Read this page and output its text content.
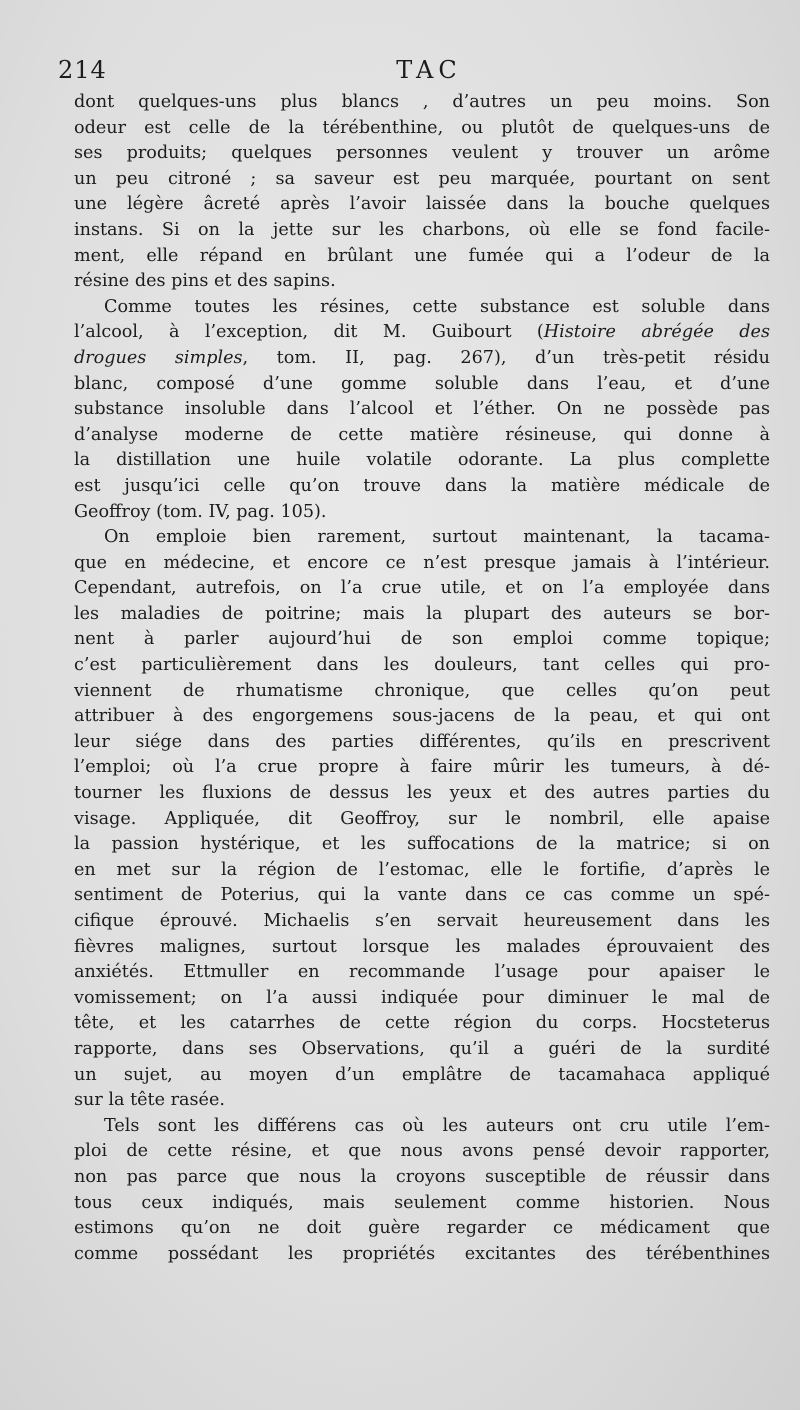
214	TAC
dont quelques-uns plus blancs , d’autres un peu moins. Son
odeur est celle de la térébenthine, ou plutôt de quelques-uns de
ses produits; quelques personnes veulent y trouver un arôme
un peu citroné ; sa saveur est peu marquée, pourtant on sent
une légère âcreté après l’avoir laissée dans la bouche quelques
instans. Si on la jette sur les charbons, où elle se fond facile-
ment, elle répand en brûlant une fumée qui a l’odeur de la
résine des pins et des sapins.
Comme toutes les résines, cette substance est soluble dans
l’alcool, à l’exception, dit M. Guibourt (Histoire abrégée des
drogues simples, tom. II, pag. 267), d’un très-petit résidu
blanc, composé d’une gomme soluble dans l’eau, et d’une
substance insoluble dans l’alcool et l’éther. On ne possède pas
d’analyse moderne de cette matière résineuse, qui donne à
la distillation une huile volatile odorante. La plus complette
est jusqu’ici celle qu’on trouve dans la matière médicale de
Geoffroy (tom. IV, pag. 105).
On emploie bien rarement, surtout maintenant, la tacama-
que en médecine, et encore ce n’est presque jamais à l’intérieur.
Cependant, autrefois, on l’a crue utile, et on l’a employée dans
les maladies de poitrine; mais la plupart des auteurs se bor-
nent à parler aujourd’hui de son emploi comme topique;
c’est particulièrement dans les douleurs, tant celles qui pro-
viennent de rhumatisme chronique, que celles qu’on peut
attribuer à des engorgemens sous-jacens de la peau, et qui ont
leur siége dans des parties différentes, qu’ils en prescrivent
l’emploi; où l’a crue propre à faire mûrir les tumeurs, à dé-
tourner les fluxions de dessus les yeux et des autres parties du
visage. Appliquée, dit Geoffroy, sur le nombril, elle apaise
la passion hystérique, et les suffocations de la matrice; si on
en met sur la région de l’estomac, elle le fortifie, d’après le
sentiment de Poterius, qui la vante dans ce cas comme un spé-
cifique éprouvé. Michaelis s’en servait heureusement dans les
fièvres malignes, surtout lorsque les malades éprouvaient des
anxiétés. Ettmuller en recommande l’usage pour apaiser le
vomissement; on l’a aussi indiquée pour diminuer le mal de
tête, et les catarrhes de cette région du corps. Hocsteterus
rapporte, dans ses Observations, qu’il a guéri de la surdité
un sujet, au moyen d’un emplâtre de tacamahaca appliqué
sur la tête rasée.
Tels sont les différens cas où les auteurs ont cru utile l’em-
ploi de cette résine, et que nous avons pensé devoir rapporter,
non pas parce que nous la croyons susceptible de réussir dans
tous ceux indiqués, mais seulement comme historien. Nous
estimons qu’on ne doit guère regarder ce médicament que
comme possédant les propriétés excitantes des térébenthines
